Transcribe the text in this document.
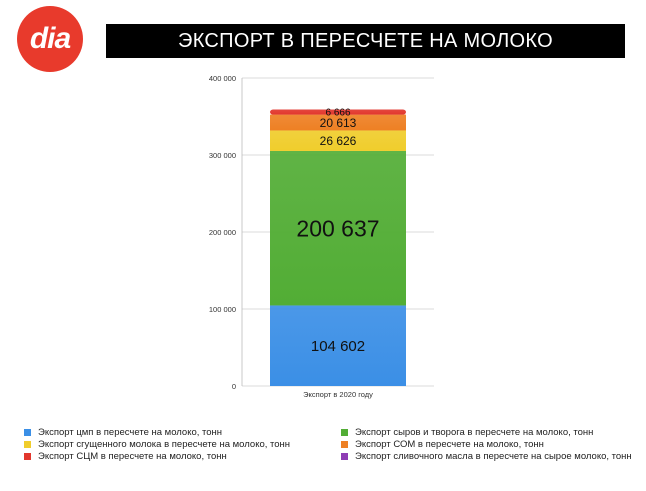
dia	ЭКСПОРТ В ПЕРЕСЧЕТЕ НА МОЛОКО
0
100 000
200 000
300 000
400 000
104 602
200 637
26 626
20 613
6 666
Экспорт в 2020 году
Экспорт цмп в пересчете на молоко, тонн	Экспорт сыров и творога в пересчете на молоко, тонн
Экспорт сгущенного молока в пересчете на молоко, тонн	Экспорт СОМ в пересчете на молоко, тонн
Экспорт СЦМ в пересчете на молоко, тонн	Экспорт сливочного масла в пересчете на сырое молоко, тонн
